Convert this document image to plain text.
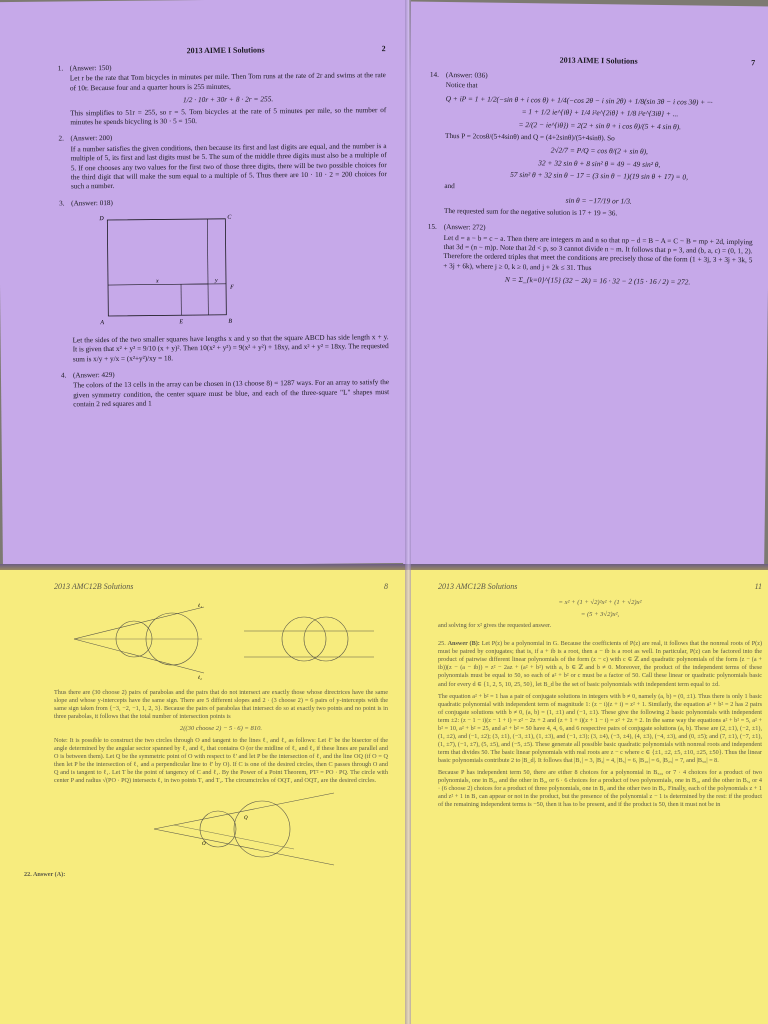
2013 AIME I Solutions	2
1. (Answer: 150)
Let r be the rate that Tom bicycles in minutes per mile. Then Tom runs at the rate of 2r and swims at the rate of 10r. Because four and a quarter hours is 255 minutes,
1/2 · 10r + 30r + 8 · 2r = 255.
This simplifies to 51r = 255, so r = 5. Tom bicycles at the rate of 5 minutes per mile, so the number of minutes he spends bicycling is 30 · 5 = 150.
2. (Answer: 200)
If a number satisfies the given conditions, then because its first and last digits are equal, and the number is a multiple of 5, its first and last digits must be 5. The sum of the middle three digits must also be a multiple of 5. If one chooses any two values for the first two of those three digits, there will be two possible choices for the third digit that will make the sum equal to a multiple of 5. Thus there are 10 · 10 · 2 = 200 choices for such a number.
3. (Answer: 018)
D	C
A	E	B
F
x	y
Let the sides of the two smaller squares have lengths x and y so that the square ABCD has side length x + y. It is given that x² + y² = 9/10 (x + y)². Then 10(x² + y²) = 9(x² + y²) + 18xy, and x² + y² = 18xy. The requested sum is x/y + y/x = (x²+y²)/xy = 18.
4. (Answer: 429)
The colors of the 13 cells in the array can be chosen in (13 choose 8) = 1287 ways. For an array to satisfy the given symmetry condition, the center square must be blue, and each of the three-square "L" shapes must contain 2 red squares and 1
2013 AIME I Solutions	7
14. (Answer: 036)
Notice that
Q + iP = 1 + 1/2(−sin θ + i cos θ) + 1/4(−cos 2θ − i sin 2θ) + 1/8(sin 3θ − i cos 3θ) + ···
= 1 + 1/2 ie^{iθ} + 1/4 i²e^{2iθ} + 1/8 i³e^{3iθ} + ...
= 2/(2 − ie^{iθ}) = 2(2 + sin θ + i cos θ)/(5 + 4 sin θ).
Thus P = 2cosθ/(5+4sinθ) and Q = (4+2sinθ)/(5+4sinθ). So
2√2/7 = P/Q = cos θ/(2 + sin θ),
32 + 32 sin θ + 8 sin² θ = 49 − 49 sin² θ,
57 sin² θ + 32 sin θ − 17 = (3 sin θ − 1)(19 sin θ + 17) = 0,
and
sin θ = −17/19 or 1/3.
The requested sum for the negative solution is 17 + 19 = 36.
15. (Answer: 272)
Let d = a − b = c − a. Then there are integers m and n so that np − d = B − A = C − B = mp + 2d, implying that 3d = (n − m)p. Note that 2d < p, so 3 cannot divide n − m. It follows that p = 3, and (b, a, c) = (0, 1, 2). Therefore the ordered triples that meet the conditions are precisely those of the form (1 + 3j, 3 + 3j + 3k, 5 + 3j + 6k), where j ≥ 0, k ≥ 0, and j + 2k ≤ 31. Thus
N = Σ_{k=0}^{15} (32 − 2k) = 16 · 32 − 2 (15 · 16 / 2) = 272.
2013 AMC12B Solutions	8
ℓ₁
ℓ₂

Thus there are (30 choose 2) pairs of parabolas and the pairs that do not intersect are exactly those whose directrices have the same slope and whose y-intercepts have the same sign. There are 5 different slopes and 2 · (3 choose 2) = 6 pairs of y-intercepts with the same sign taken from {−3, −2, −1, 1, 2, 3}. Because the pairs of parabolas that intersect do so at exactly two points and no point is in three parabolas, it follows that the total number of intersection points is

2((30 choose 2) − 5 · 6) = 810.

Note: It is possible to construct the two circles through O and tangent to the lines ℓ₁ and ℓ₂ as follows: Let ℓ' be the bisector of the angle determined by the angular sector spanned by ℓ₁ and ℓ₂ that contains O (or the midline of ℓ₁ and ℓ₂ if these lines are parallel and O is between them). Let Q be the symmetric point of O with respect to ℓ' and let P be the intersection of ℓ₁ and the line OQ (if O = Q then let P be the intersection of ℓ₁ and a perpendicular line to ℓ' by O). If C is one of the desired circles, then C passes through O and Q and is tangent to ℓ₁. Let T be the point of tangency of C and ℓ₁. By the Power of a Point Theorem, PT² = PO · PQ. The circle with center P and radius √(PO · PQ) intersects ℓ₁ in two points T₁ and T₂. The circumcircles of OQT₁ and OQT₂ are the desired circles.

O
Q
22. Answer (A):
2013 AMC12B Solutions	11
= x² + (1 + √2)²x² + (1 + √2)x²
= (5 + 3√2)x²,

and solving for x² gives the requested answer.

25. Answer (B): Let P(z) be a polynomial in G. Because the coefficients of P(z) are real, it follows that the nonreal roots of P(z) must be paired by conjugates; that is, if a + ib is a root, then a − ib is a root as well. In particular, P(z) can be factored into the product of pairwise different linear polynomials of the form (z − c) with c ∈ ℤ and quadratic polynomials of the form (z − (a + ib))(z − (a − ib)) = z² − 2az + (a² + b²) with a, b ∈ ℤ and b ≠ 0. Moreover, the product of the independent terms of these polynomials must be equal to 50, so each of a² + b² or c must be a factor of 50. Call these linear or quadratic polynomials basic and for every d ∈ {1, 2, 5, 10, 25, 50}, let B_d be the set of basic polynomials with independent term equal to ±d.

The equation a² + b² = 1 has a pair of conjugate solutions in integers with b ≠ 0, namely (a, b) = (0, ±1). Thus there is only 1 basic quadratic polynomial with independent term of magnitude 1: (z − i)(z + i) = z² + 1. Similarly, the equation a² + b² = 2 has 2 pairs of conjugate solutions with b ≠ 0, (a, b) = (1, ±1) and (−1, ±1). These give the following 2 basic polynomials with independent term ±2: (z − 1 − i)(z − 1 + i) = z² − 2z + 2 and (z + 1 + i)(z + 1 − i) = z² + 2z + 2. In the same way the equations a² + b² = 5, a² + b² = 10, a² + b² = 25, and a² + b² = 50 have 4, 4, 6, and 6 respective pairs of conjugate solutions (a, b). These are (2, ±1), (−2, ±1), (1, ±2), and (−1, ±2); (3, ±1), (−3, ±1), (1, ±3), and (−1, ±3); (3, ±4), (−3, ±4), (4, ±3), (−4, ±3), and (0, ±5); and (7, ±1), (−7, ±1), (1, ±7), (−1, ±7), (5, ±5), and (−5, ±5). These generate all possible basic quadratic polynomials with nonreal roots and independent term that divides 50. The basic linear polynomials with real roots are z − c where c ∈ {±1, ±2, ±5, ±10, ±25, ±50}. Thus the linear basic polynomials contribute 2 to |B_d|. It follows that |B₁| = 3, |B₂| = 4, |B₅| = 6, |B₁₀| = 6, |B₂₅| = 7, and |B₅₀| = 8.

Because P has independent term 50, there are either 8 choices for a polynomial in B₅₀, or 7 · 4 choices for a product of two polynomials, one in B₂₅ and the other in B₂, or 6 · 6 choices for a product of two polynomials, one in B₁₀ and the other in B₅, or 4 · (6 choose 2) choices for a product of three polynomials, one in B₂ and the other two in B₅. Finally, each of the polynomials z + 1 and z² + 1 in B₁ can appear or not in the product, but the presence of the polynomial z − 1 is determined by the rest: if the product of the remaining independent terms is −50, then it has to be present, and if the product is 50, then it must not be in
